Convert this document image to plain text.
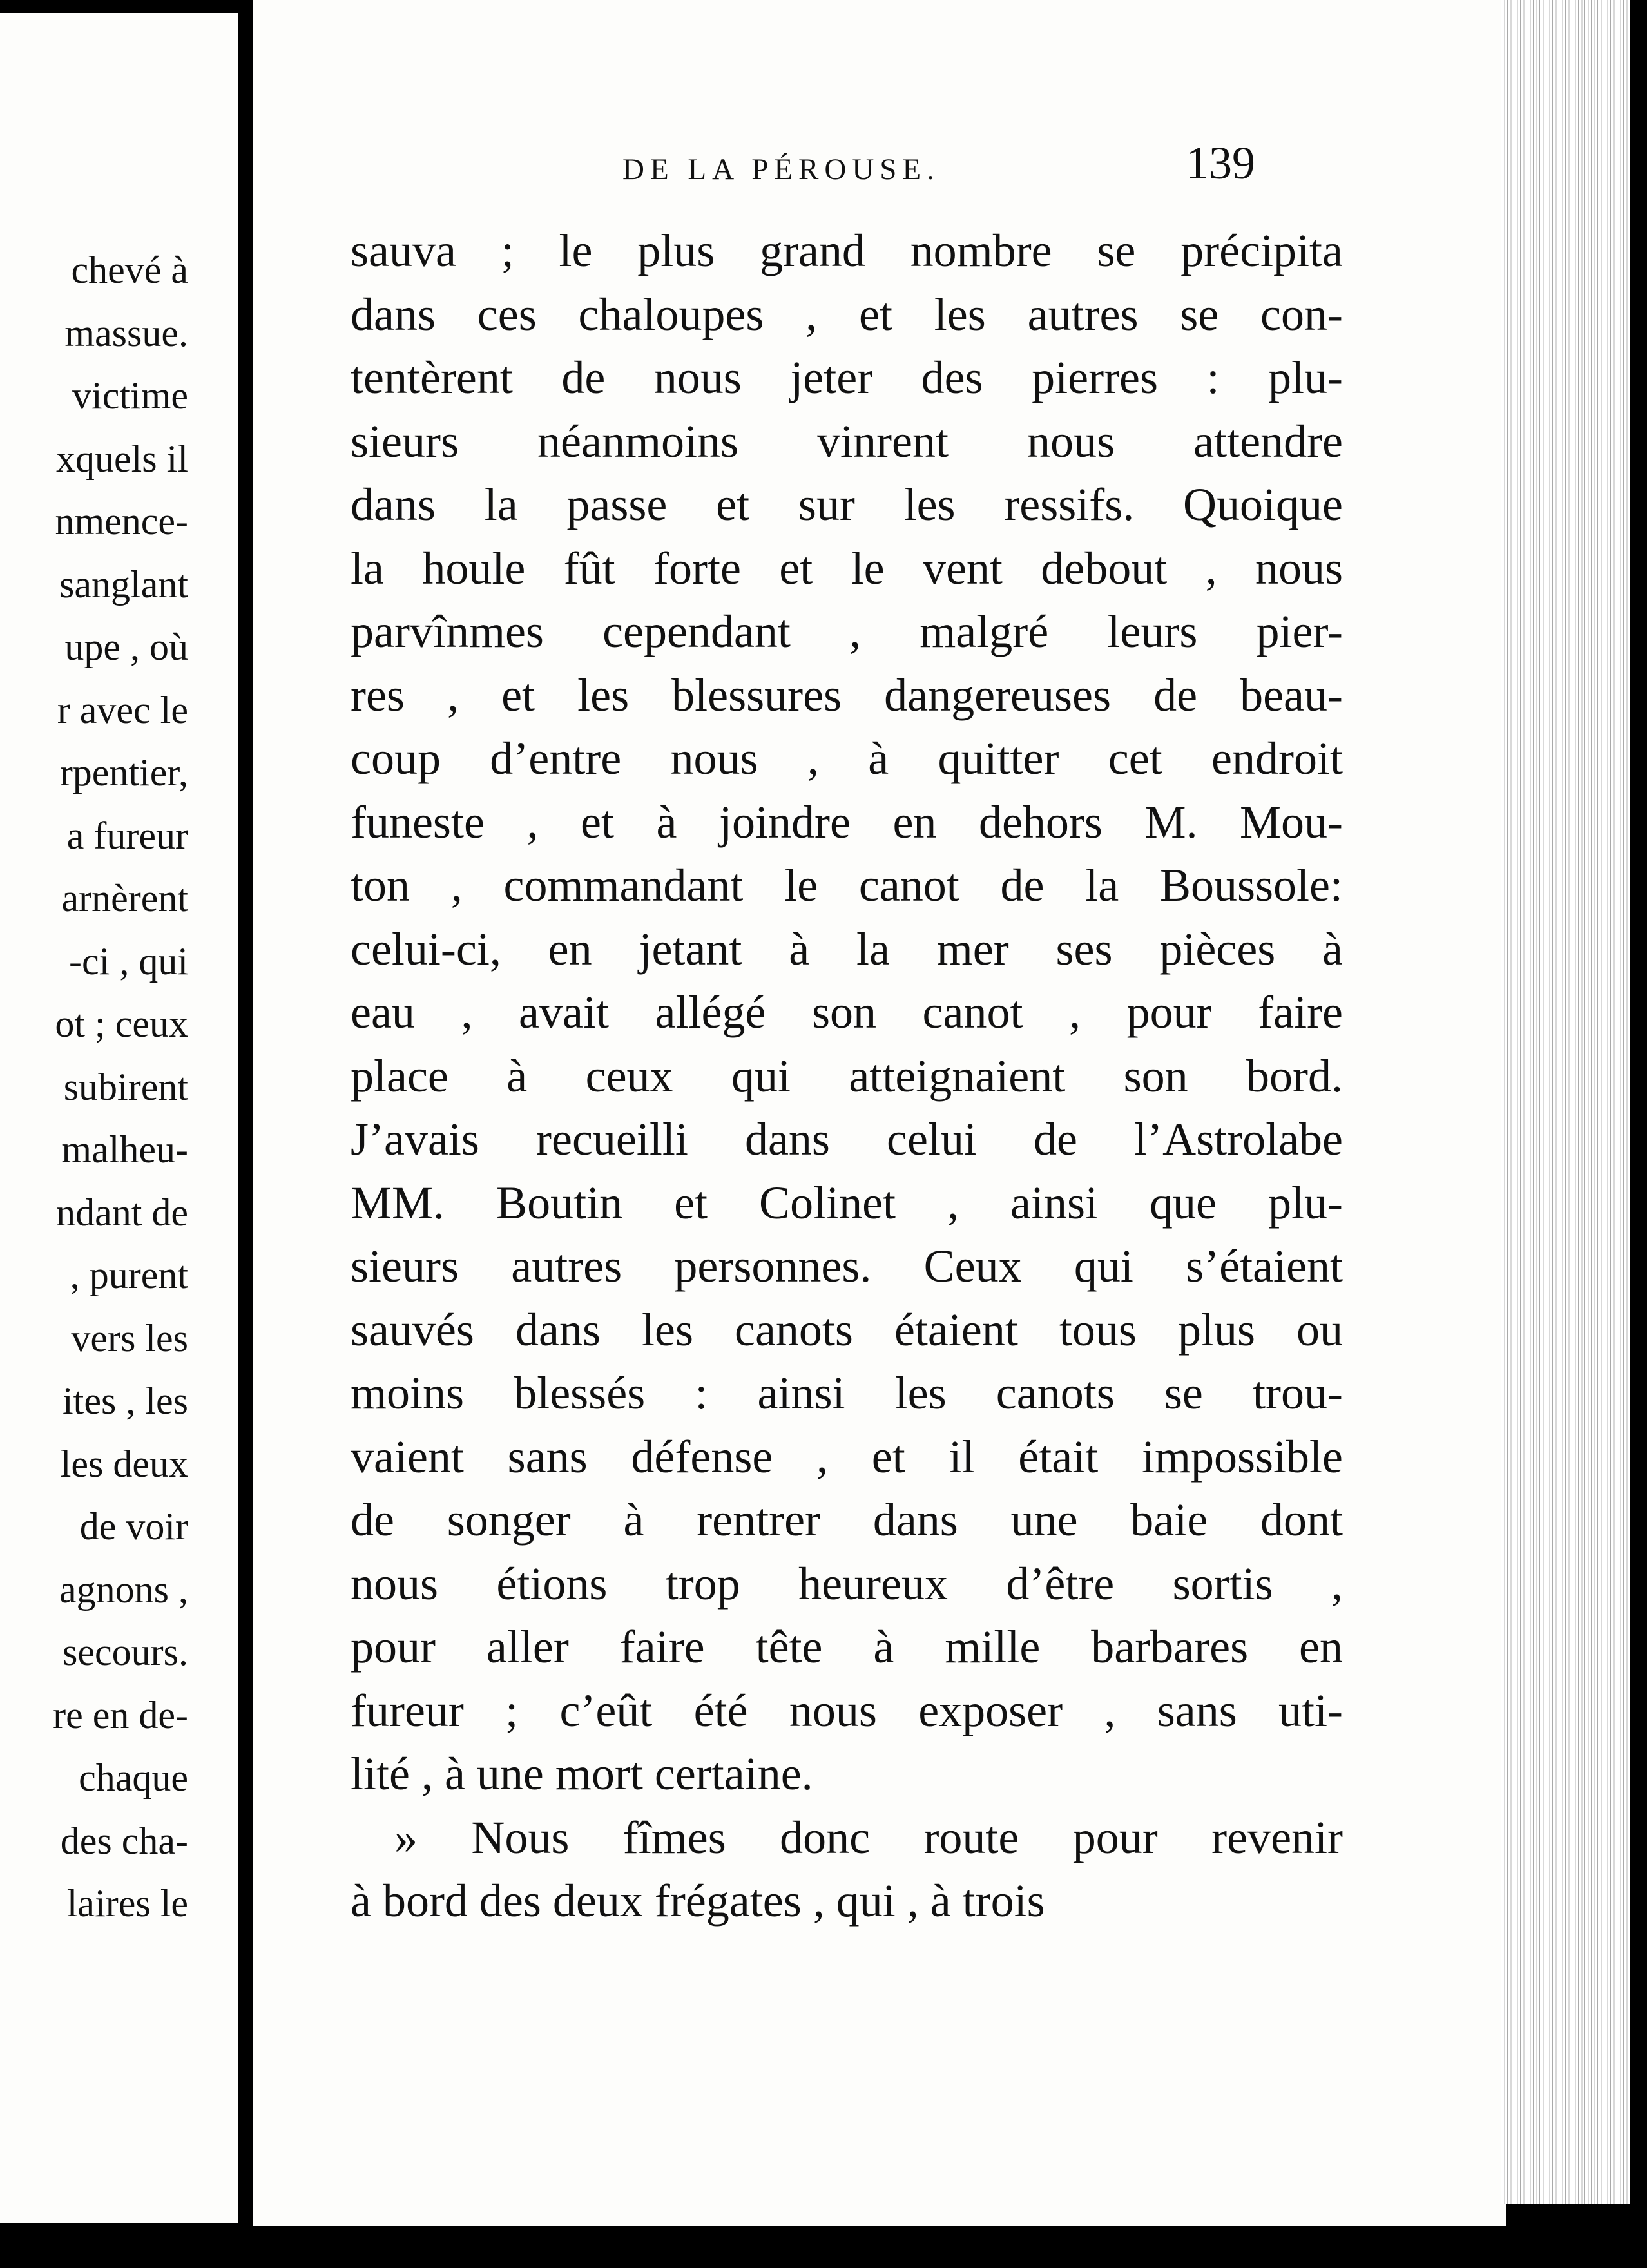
chevé à
massue.
victime
xquels il
nmence-
sanglant
upe , où
r avec le
rpentier,
a fureur
arnèrent
-ci , qui
ot ; ceux
subirent
malheu-
ndant de
, purent
vers les
ites , les
les deux
de voir
agnons ,
secours.
re en de-
chaque
des cha-
laires le
DE LA PÉROUSE.	139
sauva ; le plus grand nombre se précipita
dans ces chaloupes , et les autres se con-
tentèrent de nous jeter des pierres : plu-
sieurs néanmoins vinrent nous attendre
dans la passe et sur les ressifs. Quoique
la houle fût forte et le vent debout , nous
parvînmes cependant , malgré leurs pier-
res , et les blessures dangereuses de beau-
coup d’entre nous , à quitter cet endroit
funeste , et à joindre en dehors M. Mou-
ton , commandant le canot de la Boussole:
celui-ci, en jetant à la mer ses pièces à
eau , avait allégé son canot , pour faire
place à ceux qui atteignaient son bord.
J’avais recueilli dans celui de l’Astrolabe
MM. Boutin et Colinet , ainsi que plu-
sieurs autres personnes. Ceux qui s’étaient
sauvés dans les canots étaient tous plus ou
moins blessés : ainsi les canots se trou-
vaient sans défense , et il était impossible
de songer à rentrer dans une baie dont
nous étions trop heureux d’être sortis ,
pour aller faire tête à mille barbares en
fureur ; c’eût été nous exposer , sans uti-
lité , à une mort certaine.
» Nous fîmes donc route pour revenir
à bord des deux frégates , qui , à trois
